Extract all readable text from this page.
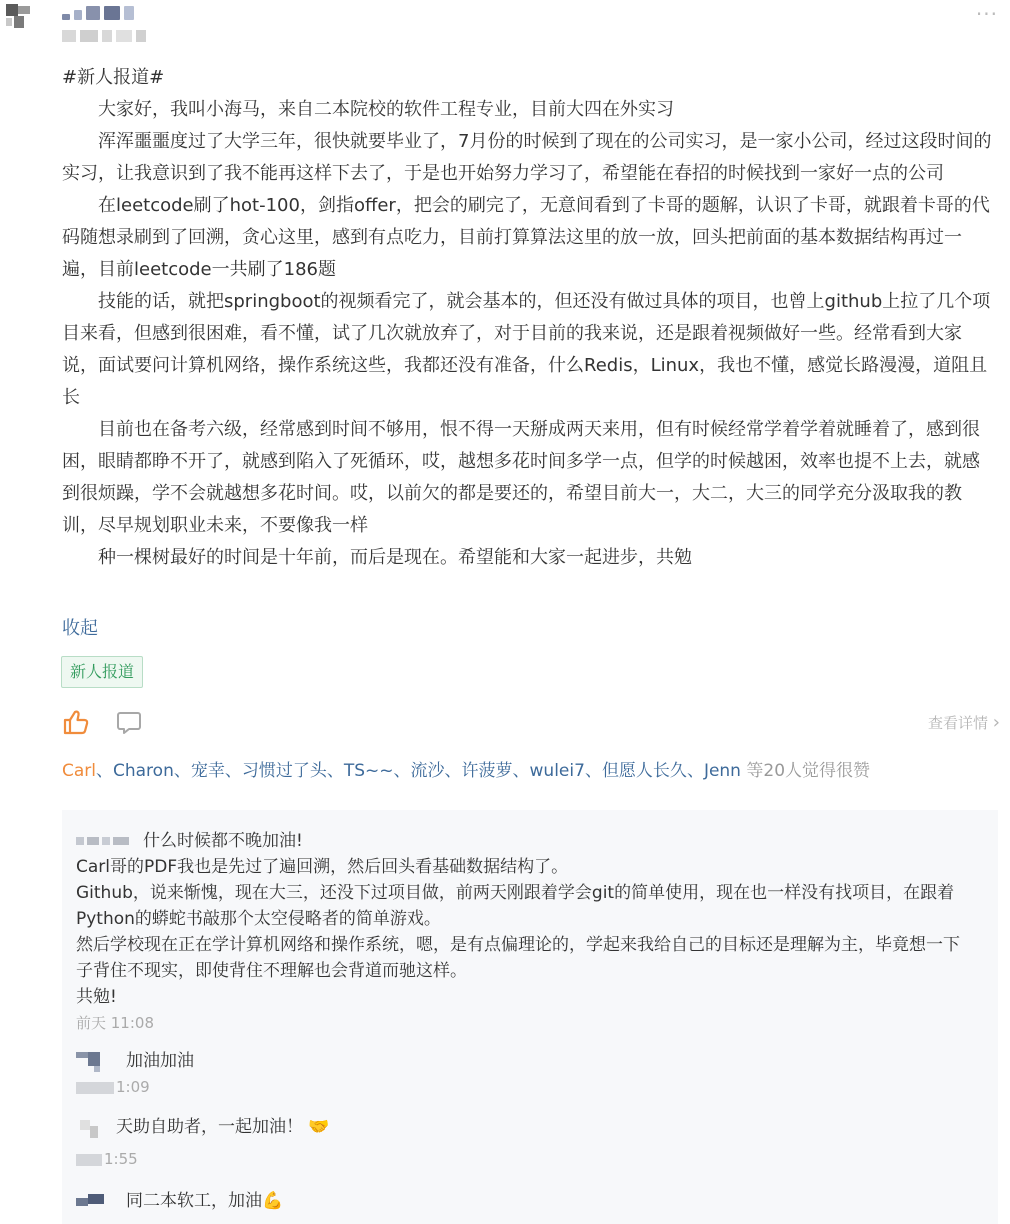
···

#新人报道#

大家好，我叫小海马，来自二本院校的软件工程专业，目前大四在外实习

浑浑噩噩度过了大学三年，很快就要毕业了，7月份的时候到了现在的公司实习，是一家小公司，经过这段时间的实习，让我意识到了我不能再这样下去了，于是也开始努力学习了，希望能在春招的时候找到一家好一点的公司

在leetcode刷了hot-100，剑指offer，把会的刷完了，无意间看到了卡哥的题解，认识了卡哥，就跟着卡哥的代码随想录刷到了回溯，贪心这里，感到有点吃力，目前打算算法这里的放一放，回头把前面的基本数据结构再过一遍，目前leetcode一共刷了186题

技能的话，就把springboot的视频看完了，就会基本的，但还没有做过具体的项目，也曾上github上拉了几个项目来看，但感到很困难，看不懂，试了几次就放弃了，对于目前的我来说，还是跟着视频做好一些。经常看到大家说，面试要问计算机网络，操作系统这些，我都还没有准备，什么Redis，Linux，我也不懂，感觉长路漫漫，道阻且长

目前也在备考六级，经常感到时间不够用，恨不得一天掰成两天来用，但有时候经常学着学着就睡着了，感到很困，眼睛都睁不开了，就感到陷入了死循环，哎，越想多花时间多学一点，但学的时候越困，效率也提不上去，就感到很烦躁，学不会就越想多花时间。哎，以前欠的都是要还的，希望目前大一，大二，大三的同学充分汲取我的教训，尽早规划职业未来，不要像我一样

种一棵树最好的时间是十年前，而后是现在。希望能和大家一起进步，共勉

收起
新人报道
查看详情 ›
Carl、Charon、宠幸、习惯过了头、TS~~、流沙、许菠萝、wulei7、但愿人长久、Jenn 等20人觉得很赞
什么时候都不晚加油!
Carl哥的PDF我也是先过了遍回溯，然后回头看基础数据结构了。
Github，说来惭愧，现在大三，还没下过项目做，前两天刚跟着学会git的简单使用，现在也一样没有找项目，在跟着Python的蟒蛇书敲那个太空侵略者的简单游戏。
然后学校现在正在学计算机网络和操作系统，嗯，是有点偏理论的，学起来我给自己的目标还是理解为主，毕竟想一下子背住不现实，即使背住不理解也会背道而驰这样。
共勉!
前天 11:08
加油加油
1:09
天助自助者，一起加油！ 🤝
1:55
同二本软工，加油💪
